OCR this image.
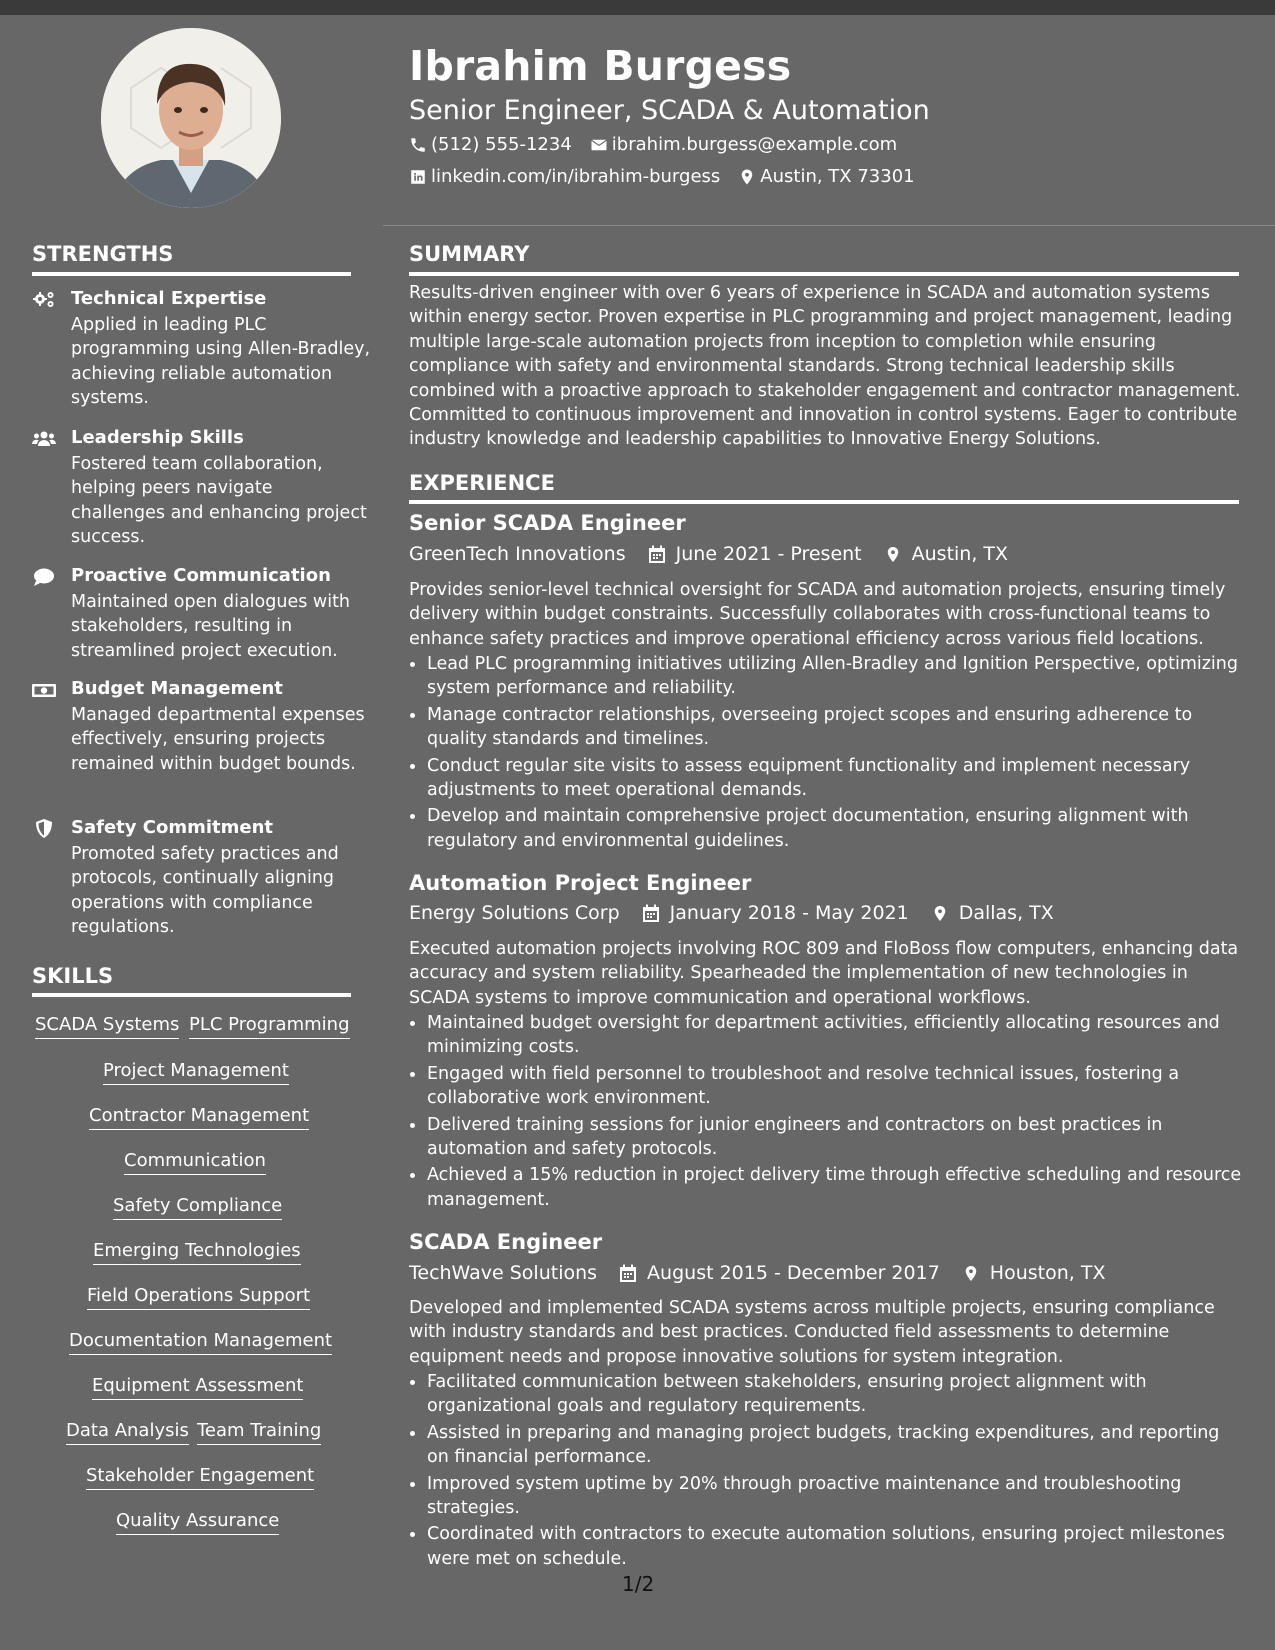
Ibrahim Burgess
Senior Engineer, SCADA & Automation
(512) 555-1234 ibrahim.burgess@example.com
linkedin.com/in/ibrahim-burgess Austin, TX 73301
STRENGTHS
Technical Expertise
Applied in leading PLC programming using Allen-Bradley, achieving reliable automation systems.
Leadership Skills
Fostered team collaboration, helping peers navigate challenges and enhancing project success.
Proactive Communication
Maintained open dialogues with stakeholders, resulting in streamlined project execution.
Budget Management
Managed departmental expenses effectively, ensuring projects remained within budget bounds.
Safety Commitment
Promoted safety practices and protocols, continually aligning operations with compliance regulations.
SKILLS
SCADA Systems PLC Programming
Project Management
Contractor Management
Communication
Safety Compliance
Emerging Technologies
Field Operations Support
Documentation Management
Equipment Assessment
Data Analysis Team Training
Stakeholder Engagement
Quality Assurance
SUMMARY
Results-driven engineer with over 6 years of experience in SCADA and automation systems within energy sector. Proven expertise in PLC programming and project management, leading multiple large-scale automation projects from inception to completion while ensuring compliance with safety and environmental standards. Strong technical leadership skills combined with a proactive approach to stakeholder engagement and contractor management. Committed to continuous improvement and innovation in control systems. Eager to contribute industry knowledge and leadership capabilities to Innovative Energy Solutions.
EXPERIENCE
Senior SCADA Engineer
GreenTech Innovations	June 2021 - Present	Austin, TX
Provides senior-level technical oversight for SCADA and automation projects, ensuring timely delivery within budget constraints. Successfully collaborates with cross-functional teams to enhance safety practices and improve operational efficiency across various field locations.
Lead PLC programming initiatives utilizing Allen-Bradley and Ignition Perspective, optimizing system performance and reliability.
Manage contractor relationships, overseeing project scopes and ensuring adherence to quality standards and timelines.
Conduct regular site visits to assess equipment functionality and implement necessary adjustments to meet operational demands.
Develop and maintain comprehensive project documentation, ensuring alignment with regulatory and environmental guidelines.
Automation Project Engineer
Energy Solutions Corp	January 2018 - May 2021	Dallas, TX
Executed automation projects involving ROC 809 and FloBoss flow computers, enhancing data accuracy and system reliability. Spearheaded the implementation of new technologies in SCADA systems to improve communication and operational workflows.
Maintained budget oversight for department activities, efficiently allocating resources and minimizing costs.
Engaged with field personnel to troubleshoot and resolve technical issues, fostering a collaborative work environment.
Delivered training sessions for junior engineers and contractors on best practices in automation and safety protocols.
Achieved a 15% reduction in project delivery time through effective scheduling and resource management.
SCADA Engineer
TechWave Solutions	August 2015 - December 2017	Houston, TX
Developed and implemented SCADA systems across multiple projects, ensuring compliance with industry standards and best practices. Conducted field assessments to determine equipment needs and propose innovative solutions for system integration.
Facilitated communication between stakeholders, ensuring project alignment with organizational goals and regulatory requirements.
Assisted in preparing and managing project budgets, tracking expenditures, and reporting on financial performance.
Improved system uptime by 20% through proactive maintenance and troubleshooting strategies.
Coordinated with contractors to execute automation solutions, ensuring project milestones were met on schedule.
1/2
